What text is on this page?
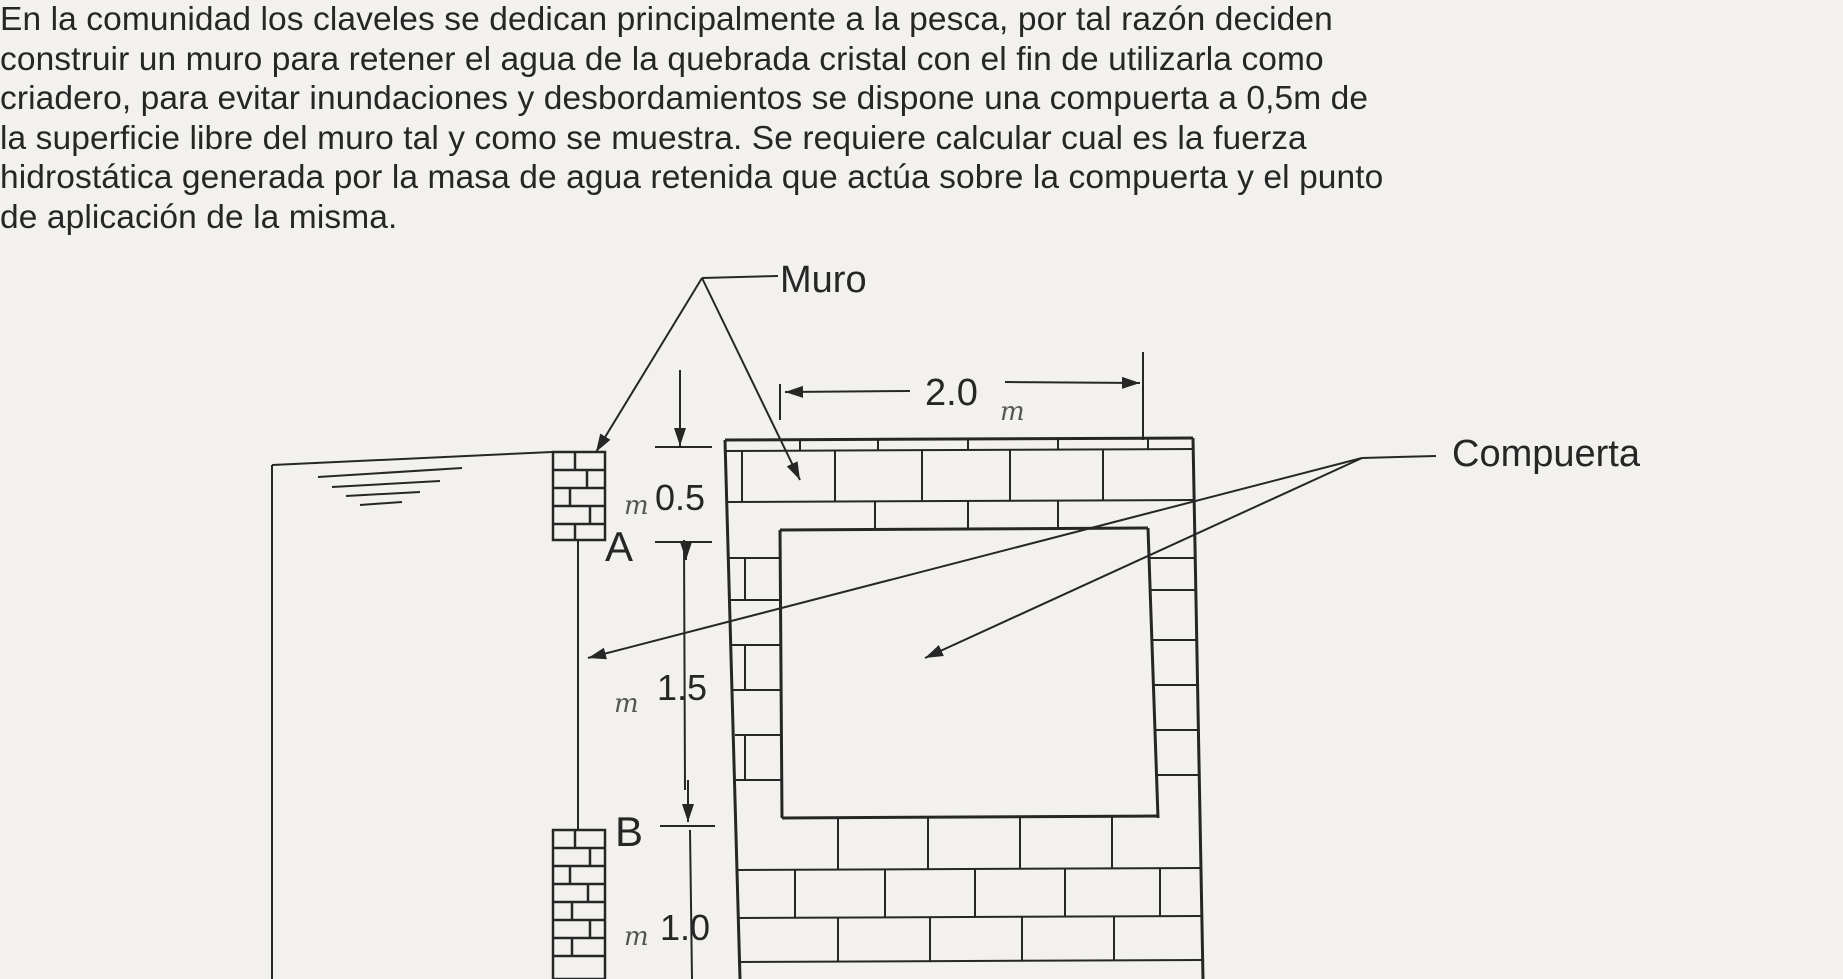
En la comunidad los claveles se dedican principalmente a la pesca, por tal razón deciden
construir un muro para retener el agua de la quebrada cristal con el fin de utilizarla como
criadero, para evitar inundaciones y desbordamientos se dispone una compuerta a 0,5m de
la superficie libre del muro tal y como se muestra. Se requiere calcular cual es la fuerza
hidrostática generada por la masa de agua retenida que actúa sobre la compuerta y el punto
de aplicación de la misma.
2.0 m
0.5
m
1.5
m
1.0
m
A
B
Muro
Compuerta
